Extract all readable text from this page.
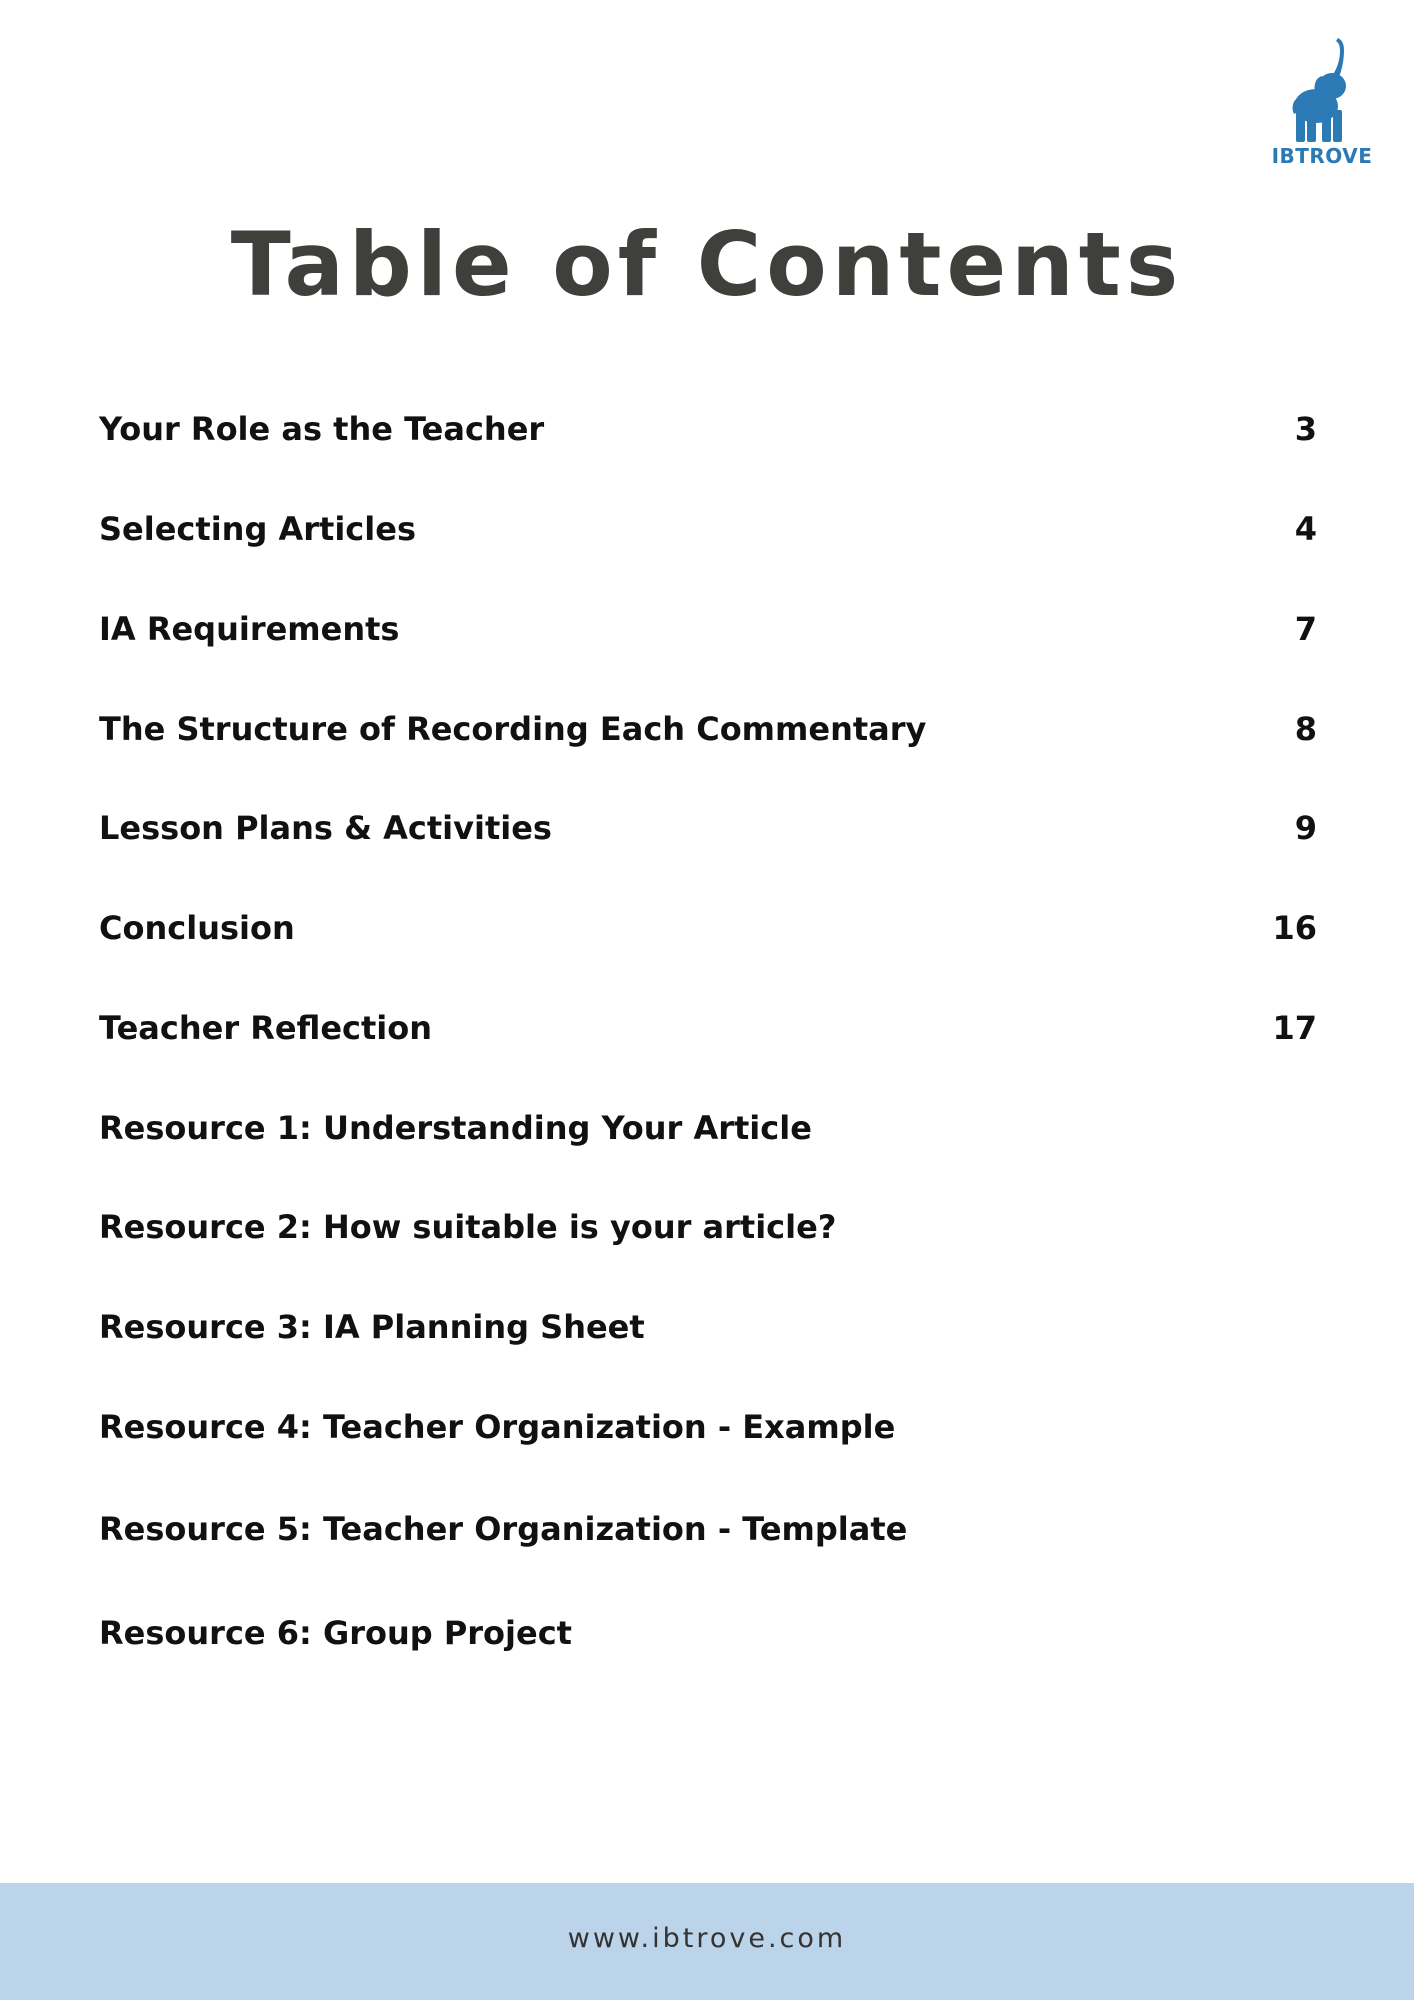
IBTROVE
Table of Contents
Your Role as the Teacher	3
Selecting Articles	4
IA Requirements	7
The Structure of Recording Each Commentary	8
Lesson Plans & Activities	9
Conclusion	16
Teacher Reflection	17
Resource 1: Understanding Your Article
Resource 2: How suitable is your article?
Resource 3: IA Planning Sheet
Resource 4: Teacher Organization - Example
Resource 5: Teacher Organization - Template
Resource 6: Group Project
www.ibtrove.com
